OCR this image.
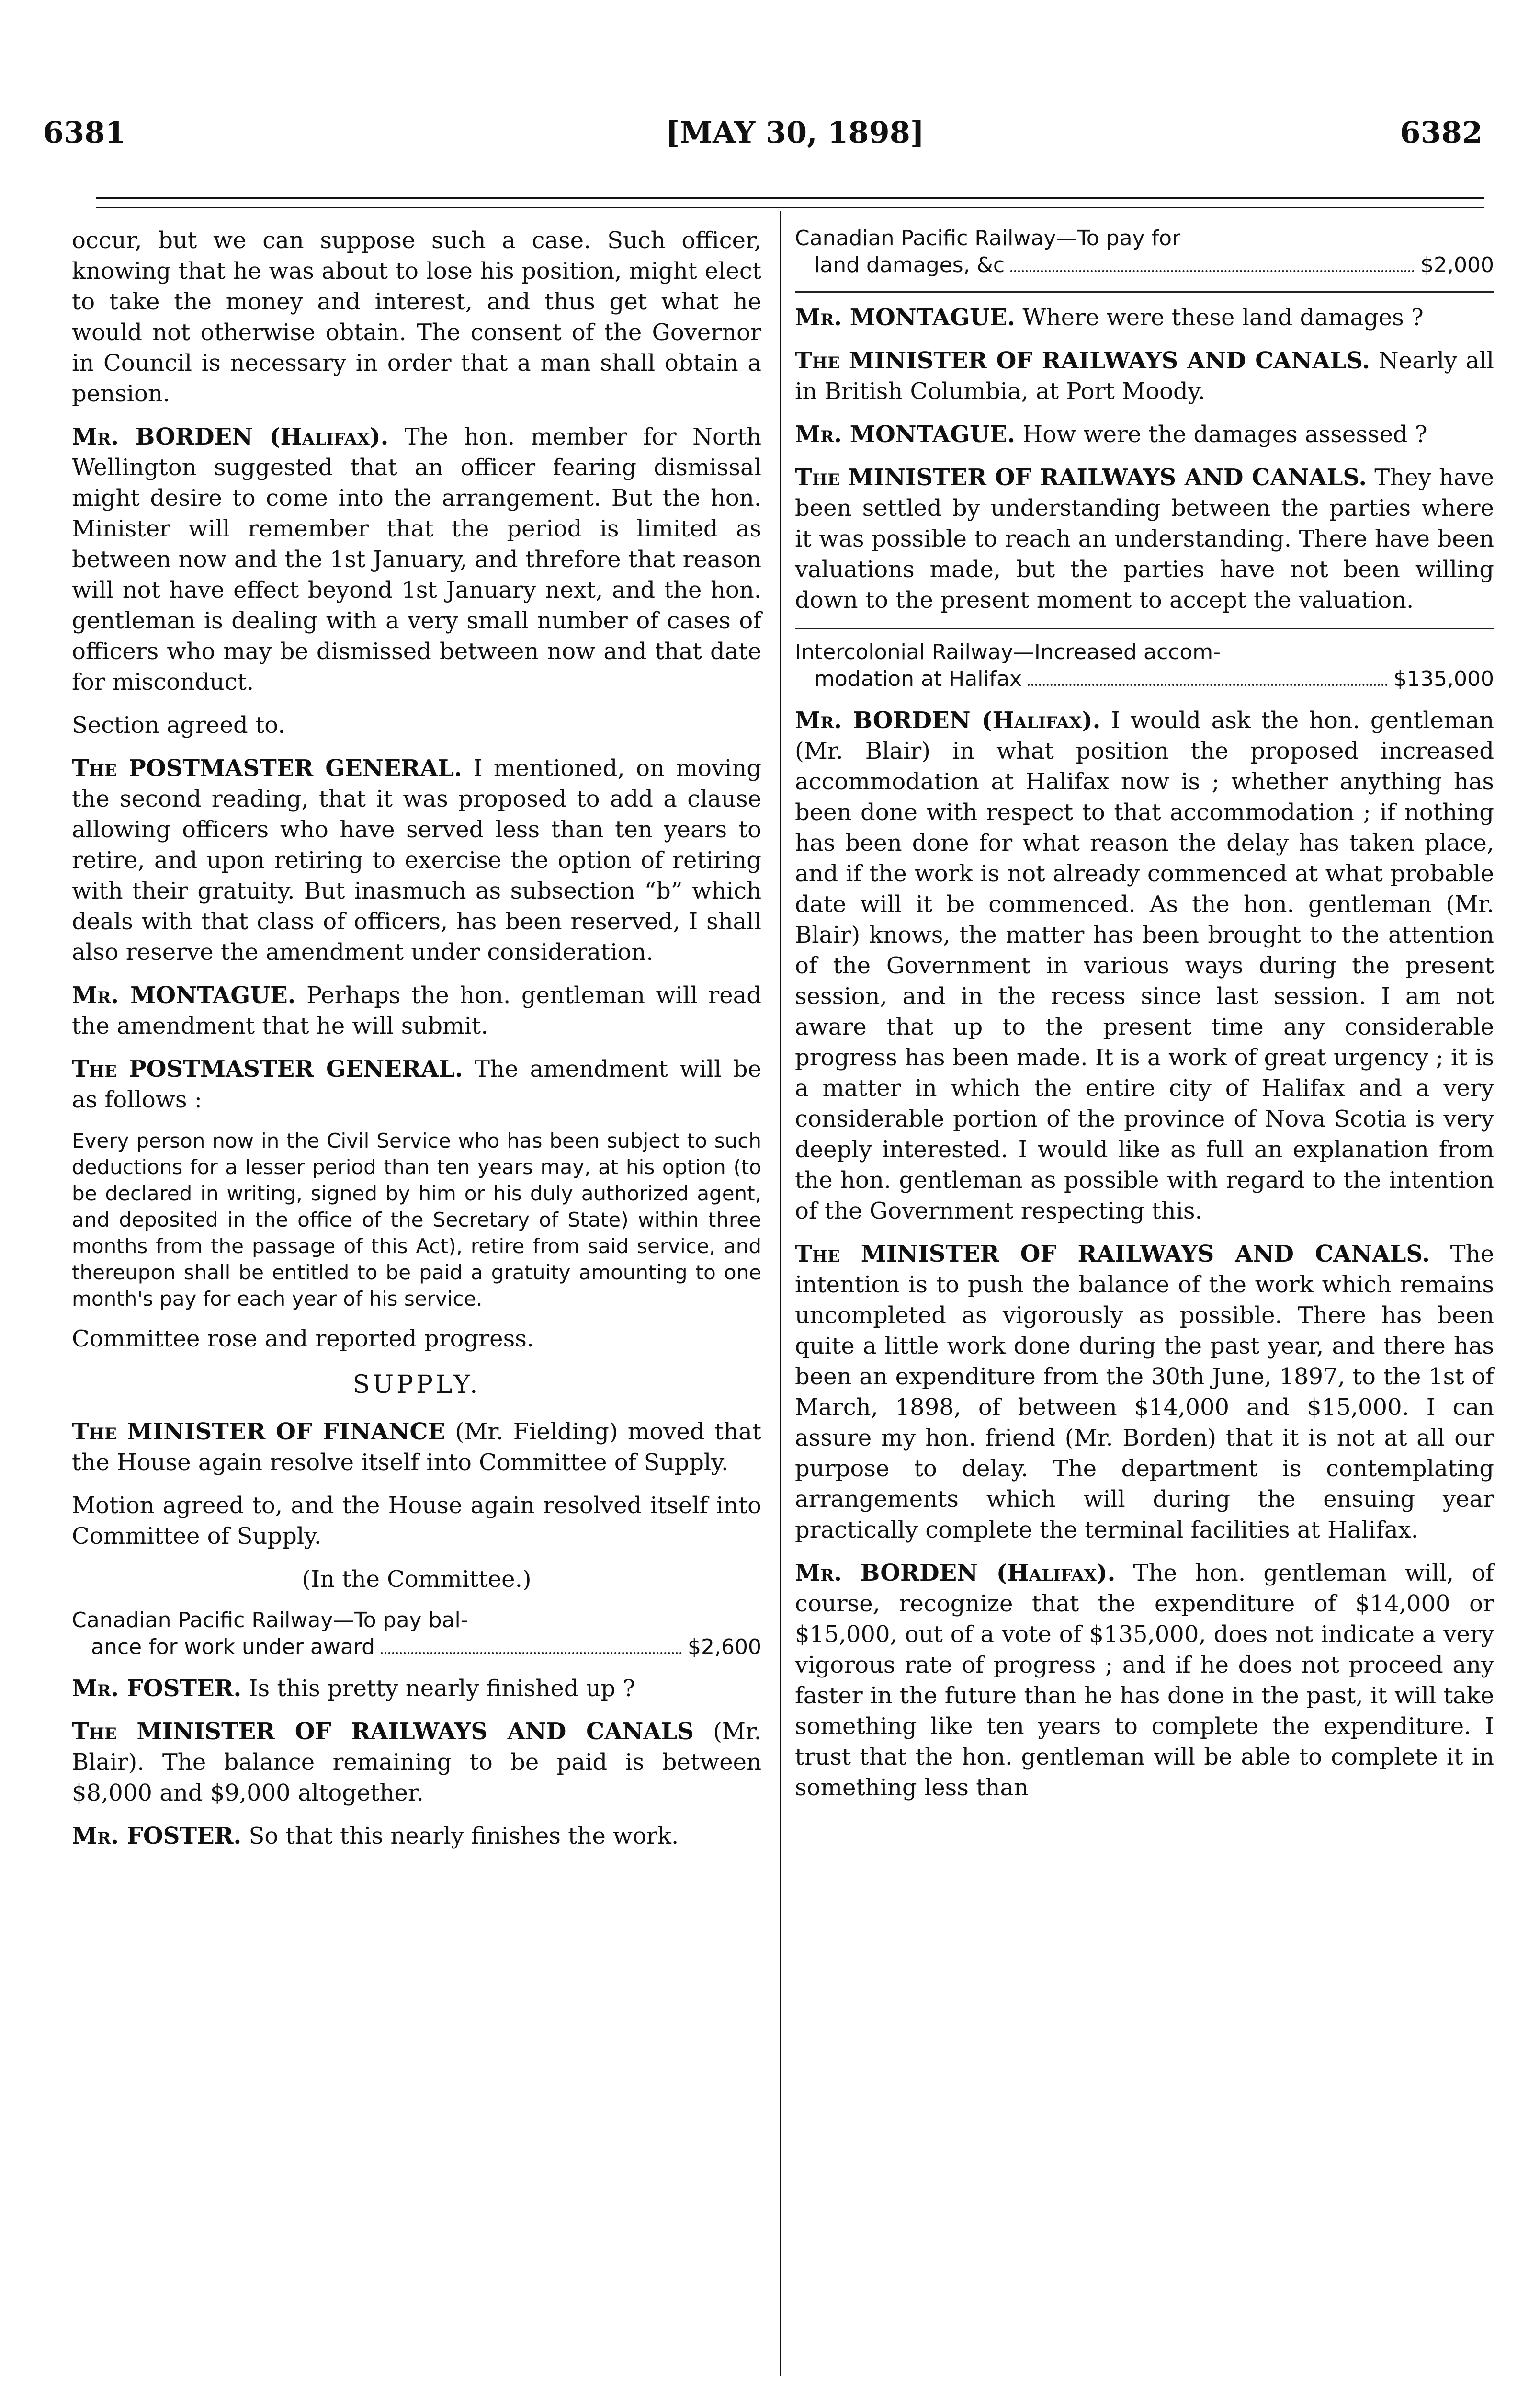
6381	[MAY 30, 1898]	6382

occur, but we can suppose such a case. Such officer, knowing that he was about to lose his position, might elect to take the money and interest, and thus get what he would not otherwise obtain. The consent of the Governor in Council is necessary in order that a man shall obtain a pension.

Mr. BORDEN (Halifax). The hon. member for North Wellington suggested that an officer fearing dismissal might desire to come into the arrangement. But the hon. Minister will remember that the period is limited as between now and the 1st January, and threfore that reason will not have effect beyond 1st January next, and the hon. gentleman is dealing with a very small number of cases of officers who may be dismissed between now and that date for misconduct.

Section agreed to.

The POSTMASTER GENERAL. I mentioned, on moving the second reading, that it was proposed to add a clause allowing officers who have served less than ten years to retire, and upon retiring to exercise the option of retiring with their gratuity. But inasmuch as subsection “b” which deals with that class of officers, has been reserved, I shall also reserve the amendment under consideration.

Mr. MONTAGUE. Perhaps the hon. gentleman will read the amendment that he will submit.

The POSTMASTER GENERAL. The amendment will be as follows :

Every person now in the Civil Service who has been subject to such deductions for a lesser period than ten years may, at his option (to be declared in writing, signed by him or his duly authorized agent, and deposited in the office of the Secretary of State) within three months from the passage of this Act), retire from said service, and thereupon shall be entitled to be paid a gratuity amounting to one month's pay for each year of his service.

Committee rose and reported progress.

SUPPLY.

The MINISTER OF FINANCE (Mr. Fielding) moved that the House again resolve itself into Committee of Supply.

Motion agreed to, and the House again resolved itself into Committee of Supply.

(In the Committee.)

Canadian Pacific Railway—To pay bal-
ance for work under award	$2,600

Mr. FOSTER. Is this pretty nearly finished up ?

The MINISTER OF RAILWAYS AND CANALS (Mr. Blair). The balance remaining to be paid is between $8,000 and $9,000 altogether.

Mr. FOSTER. So that this nearly finishes the work.

Canadian Pacific Railway—To pay for
land damages, &c	$2,000

Mr. MONTAGUE. Where were these land damages ?

The MINISTER OF RAILWAYS AND CANALS. Nearly all in British Columbia, at Port Moody.

Mr. MONTAGUE. How were the damages assessed ?

The MINISTER OF RAILWAYS AND CANALS. They have been settled by understanding between the parties where it was possible to reach an understanding. There have been valuations made, but the parties have not been willing down to the present moment to accept the valuation.

Intercolonial Railway—Increased accom-
modation at Halifax	$135,000

Mr. BORDEN (Halifax). I would ask the hon. gentleman (Mr. Blair) in what position the proposed increased accommodation at Halifax now is ; whether anything has been done with respect to that accommodation ; if nothing has been done for what reason the delay has taken place, and if the work is not already commenced at what probable date will it be commenced. As the hon. gentleman (Mr. Blair) knows, the matter has been brought to the attention of the Government in various ways during the present session, and in the recess since last session. I am not aware that up to the present time any considerable progress has been made. It is a work of great urgency ; it is a matter in which the entire city of Halifax and a very considerable portion of the province of Nova Scotia is very deeply interested. I would like as full an explanation from the hon. gentleman as possible with regard to the intention of the Government respecting this.

The MINISTER OF RAILWAYS AND CANALS. The intention is to push the balance of the work which remains uncompleted as vigorously as possible. There has been quite a little work done during the past year, and there has been an expenditure from the 30th June, 1897, to the 1st of March, 1898, of between $14,000 and $15,000. I can assure my hon. friend (Mr. Borden) that it is not at all our purpose to delay. The department is contemplating arrangements which will during the ensuing year practically complete the terminal facilities at Halifax.

Mr. BORDEN (Halifax). The hon. gentleman will, of course, recognize that the expenditure of $14,000 or $15,000, out of a vote of $135,000, does not indicate a very vigorous rate of progress ; and if he does not proceed any faster in the future than he has done in the past, it will take something like ten years to complete the expenditure. I trust that the hon. gentleman will be able to complete it in something less than
